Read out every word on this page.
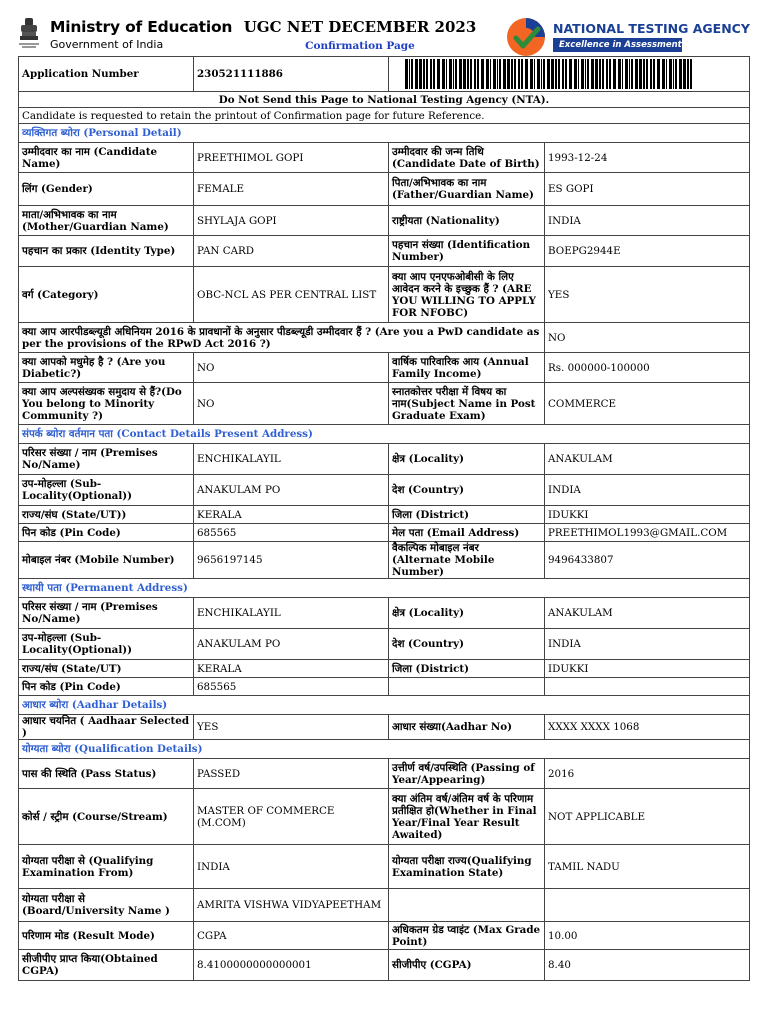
Ministry of Education
Government of India
UGC NET DECEMBER 2023
Confirmation Page
NATIONAL TESTING AGENCY
Excellence in Assessment
Application Number	230521111886	

Do Not Send this Page to National Testing Agency (NTA).			
Candidate is requested to retain the printout of Confirmation page for future Reference.			
व्यक्तिगत ब्योरा (Personal Detail)			
उम्मीदवार का नाम (Candidate Name)	PREETHIMOL GOPI	उम्मीदवार की जन्म तिथि (Candidate Date of Birth)	1993-12-24
लिंग (Gender)	FEMALE	पिता/अभिभावक का नाम (Father/Guardian Name)	ES GOPI
माता/अभिभावक का नाम (Mother/Guardian Name)	SHYLAJA GOPI	राष्ट्रीयता (Nationality)	INDIA
पहचान का प्रकार (Identity Type)	PAN CARD	पहचान संख्या (Identification Number)	BOEPG2944E
वर्ग (Category)	OBC-NCL AS PER CENTRAL LIST	क्या आप एनएफओबीसी के लिए आवेदन करने के इच्छुक हैं ? (ARE YOU WILLING TO APPLY FOR NFOBC)	YES
क्या आप आरपीडब्ल्यूडी अधिनियम 2016 के प्रावधानों के अनुसार पीडब्ल्यूडी उम्मीदवार हैं ? (Are you a PwD candidate as per the provisions of the RPwD Act 2016 ?)			NO
क्या आपको मधुमेह है ? (Are you Diabetic?)	NO	वार्षिक पारिवारिक आय (Annual Family Income)	Rs. 000000-100000
क्या आप अल्पसंख्यक समुदाय से हैं?(Do You belong to Minority Community ?)	NO	स्नातकोत्तर परीक्षा में विषय का नाम(Subject Name in Post Graduate Exam)	COMMERCE
संपर्क ब्योरा वर्तमान पता (Contact Details Present Address)			
परिसर संख्या / नाम (Premises No/Name)	ENCHIKALAYIL	क्षेत्र (Locality)	ANAKULAM
उप-मोहल्ला (Sub-Locality(Optional))	ANAKULAM PO	देश (Country)	INDIA
राज्य/संघ (State/UT))	KERALA	जिला (District)	IDUKKI
पिन कोड (Pin Code)	685565	मेल पता (Email Address)	PREETHIMOL1993@GMAIL.COM
मोबाइल नंबर (Mobile Number)	9656197145	वैकल्पिक मोबाइल नंबर (Alternate Mobile Number)	9496433807
स्थायी पता (Permanent Address)			
परिसर संख्या / नाम (Premises No/Name)	ENCHIKALAYIL	क्षेत्र (Locality)	ANAKULAM
उप-मोहल्ला (Sub-Locality(Optional))	ANAKULAM PO	देश (Country)	INDIA
राज्य/संघ (State/UT)	KERALA	जिला (District)	IDUKKI
पिन कोड (Pin Code)	685565		
आधार ब्योरा (Aadhar Details)			
आधार चयनित ( Aadhaar Selected )	YES	आधार संख्या(Aadhar No)	XXXX XXXX 1068
योग्यता ब्योरा (Qualification Details)			
पास की स्थिति (Pass Status)	PASSED	उत्तीर्ण वर्ष/उपस्थिति (Passing of Year/Appearing)	2016
कोर्स / स्ट्रीम (Course/Stream)	MASTER OF COMMERCE (M.COM)	क्या अंतिम वर्ष/अंतिम वर्ष के परिणाम प्रतीक्षित हो(Whether in Final Year/Final Year Result Awaited)	NOT APPLICABLE
योग्यता परीक्षा से (Qualifying Examination From)	INDIA	योग्यता परीक्षा राज्य(Qualifying Examination State)	TAMIL NADU
योग्यता परीक्षा से (Board/University Name )	AMRITA VISHWA VIDYAPEETHAM		
परिणाम मोड (Result Mode)	CGPA	अधिकतम ग्रेड प्वाइंट (Max Grade Point)	10.00
सीजीपीए प्राप्त किया(Obtained CGPA)	8.4100000000000001	सीजीपीए (CGPA)	8.40
